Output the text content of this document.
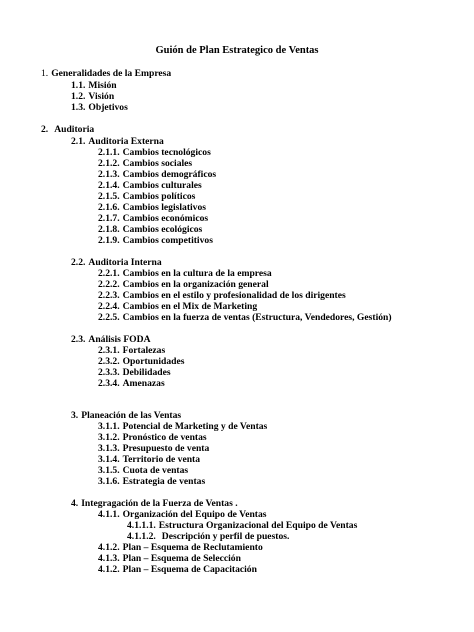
Guión de Plan Estrategico de Ventas
1. Generalidades de la Empresa
1.1. Misión
1.2. Visión
1.3. Objetivos
2. Auditoria
2.1. Auditoria Externa
2.1.1. Cambios tecnológicos
2.1.2. Cambios sociales
2.1.3. Cambios demográficos
2.1.4. Cambios culturales
2.1.5. Cambios políticos
2.1.6. Cambios legislativos
2.1.7. Cambios económicos
2.1.8. Cambios ecológicos
2.1.9. Cambios competitivos
2.2. Auditoria Interna
2.2.1. Cambios en la cultura de la empresa
2.2.2. Cambios en la organización general
2.2.3. Cambios en el estilo y profesionalidad de los dirigentes
2.2.4. Cambios en el Mix de Marketing
2.2.5. Cambios en la fuerza de ventas (Estructura, Vendedores, Gestión)
2.3. Análisis FODA
2.3.1. Fortalezas
2.3.2. Oportunidades
2.3.3. Debilidades
2.3.4. Amenazas
3. Planeación de las Ventas
3.1.1. Potencial de Marketing y de Ventas
3.1.2. Pronóstico de ventas
3.1.3. Presupuesto de venta
3.1.4. Territorio de venta
3.1.5. Cuota de ventas
3.1.6. Estrategia de ventas
4. Integragación de la Fuerza de Ventas .
4.1.1. Organización del Equipo de Ventas
4.1.1.1. Estructura Organizacional del Equipo de Ventas
4.1.1.2. Descripción y perfil de puestos.
4.1.2. Plan – Esquema de Reclutamiento
4.1.3. Plan – Esquema de Selección
4.1.2. Plan – Esquema de Capacitación
